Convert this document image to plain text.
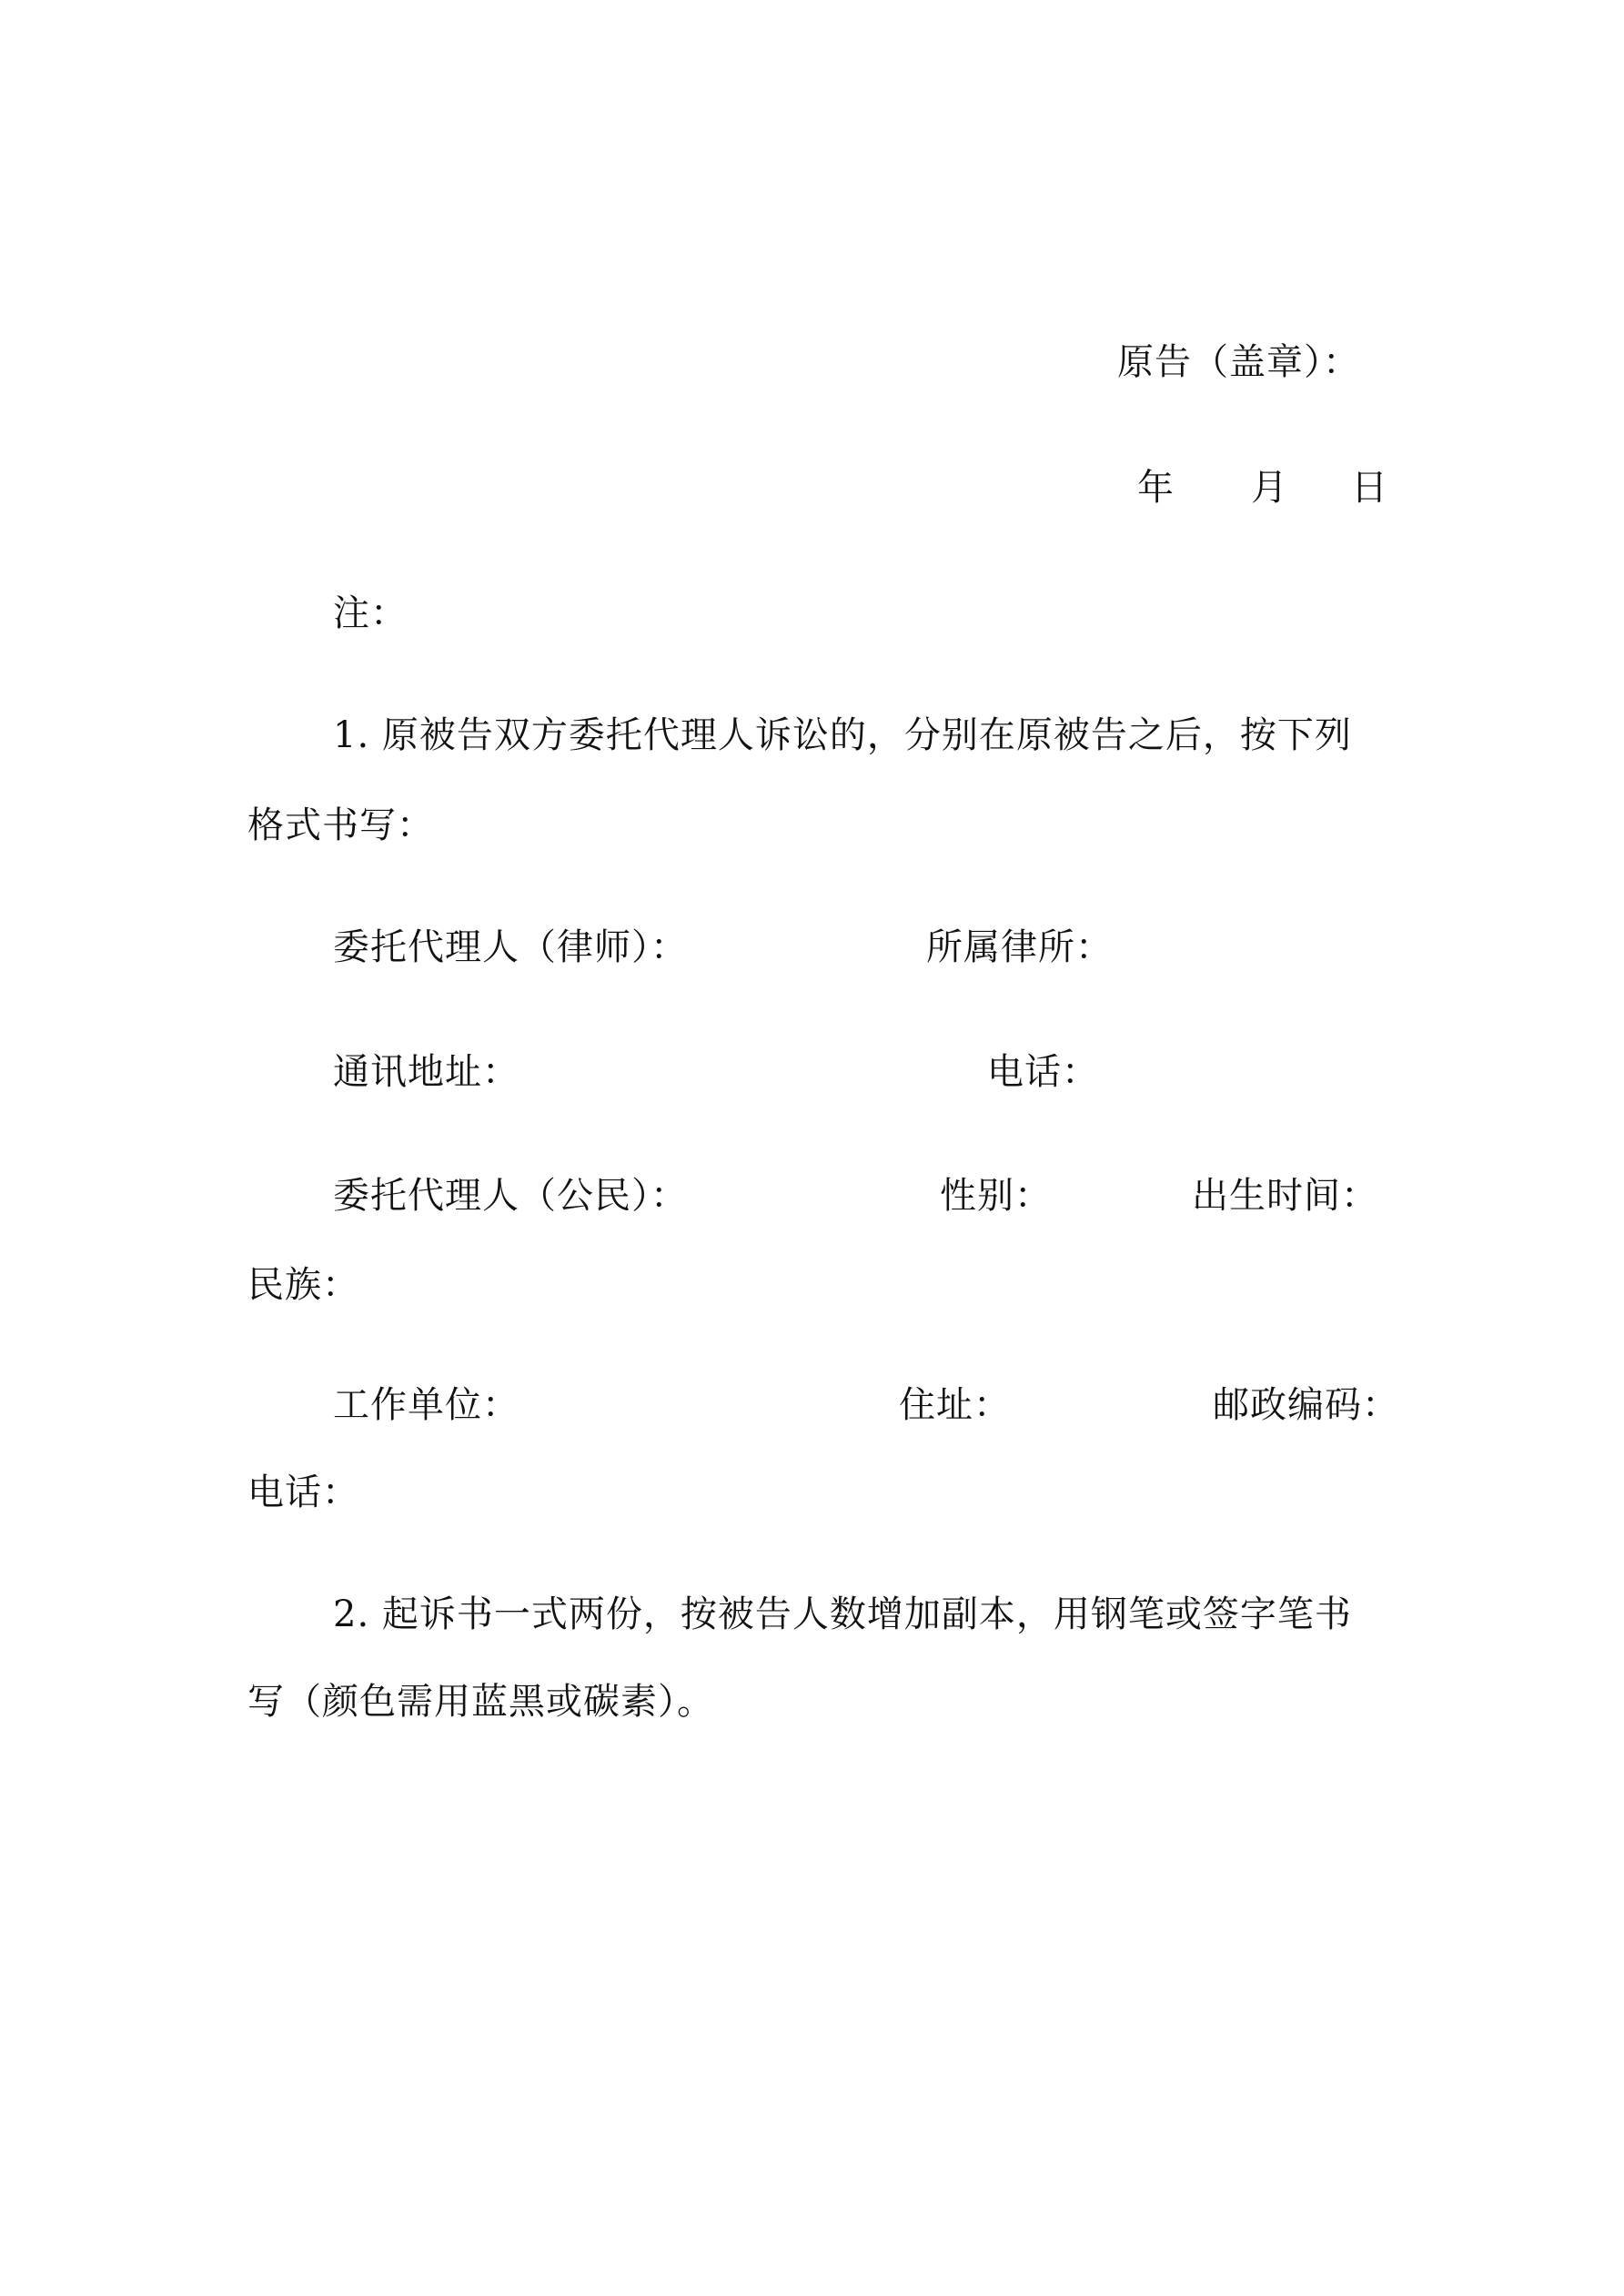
原告（盖章）：
年 月 日
注：
1. 原被告双方委托代理人诉讼的，分别在原被告之后，按下列
格式书写：
委托代理人（律师）：	所属律所：
通讯地址：	电话：
委托代理人（公民）：	性别：	出生时间：
民族：
工作单位：	住址：	邮政编码：
电话：
2. 起诉书一式两份，按被告人数增加副本，用钢笔或签字笔书
写（颜色需用蓝黑或碳素）。
